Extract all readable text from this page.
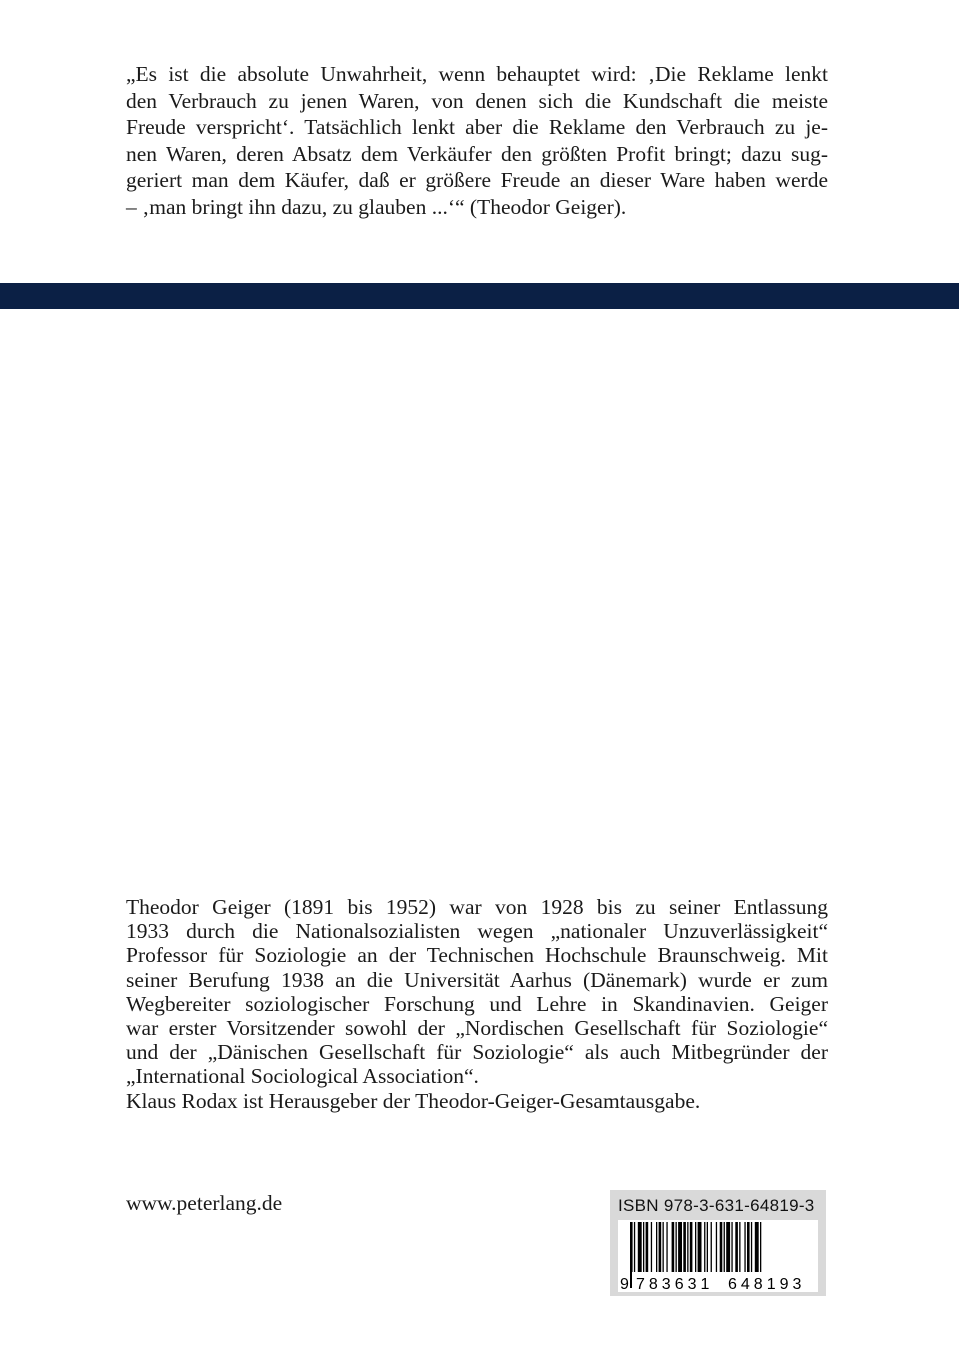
„Es ist die absolute Unwahrheit, wenn behauptet wird: ‚Die Reklame lenkt
den Verbrauch zu jenen Waren, von denen sich die Kundschaft die meiste
Freude verspricht‘. Tatsächlich lenkt aber die Reklame den Verbrauch zu je-
nen Waren, deren Absatz dem Verkäufer den größten Profit bringt; dazu sug-
geriert man dem Käufer, daß er größere Freude an dieser Ware haben werde
– ‚man bringt ihn dazu, zu glauben ...‘“ (Theodor Geiger).
Theodor Geiger (1891 bis 1952) war von 1928 bis zu seiner Entlassung
1933 durch die Nationalsozialisten wegen „nationaler Unzuverlässigkeit“
Professor für Soziologie an der Technischen Hochschule Braunschweig. Mit
seiner Berufung 1938 an die Universität Aarhus (Dänemark) wurde er zum
Wegbereiter soziologischer Forschung und Lehre in Skandinavien. Geiger
war erster Vorsitzender sowohl der „Nordischen Gesellschaft für Soziologie“
und der „Dänischen Gesellschaft für Soziologie“ als auch Mitbegründer der
„International Sociological Association“.
Klaus Rodax ist Herausgeber der Theodor-Geiger-Gesamtausgabe.
www.peterlang.de	ISBN 978-3-631-64819-3
9 783631 648193
